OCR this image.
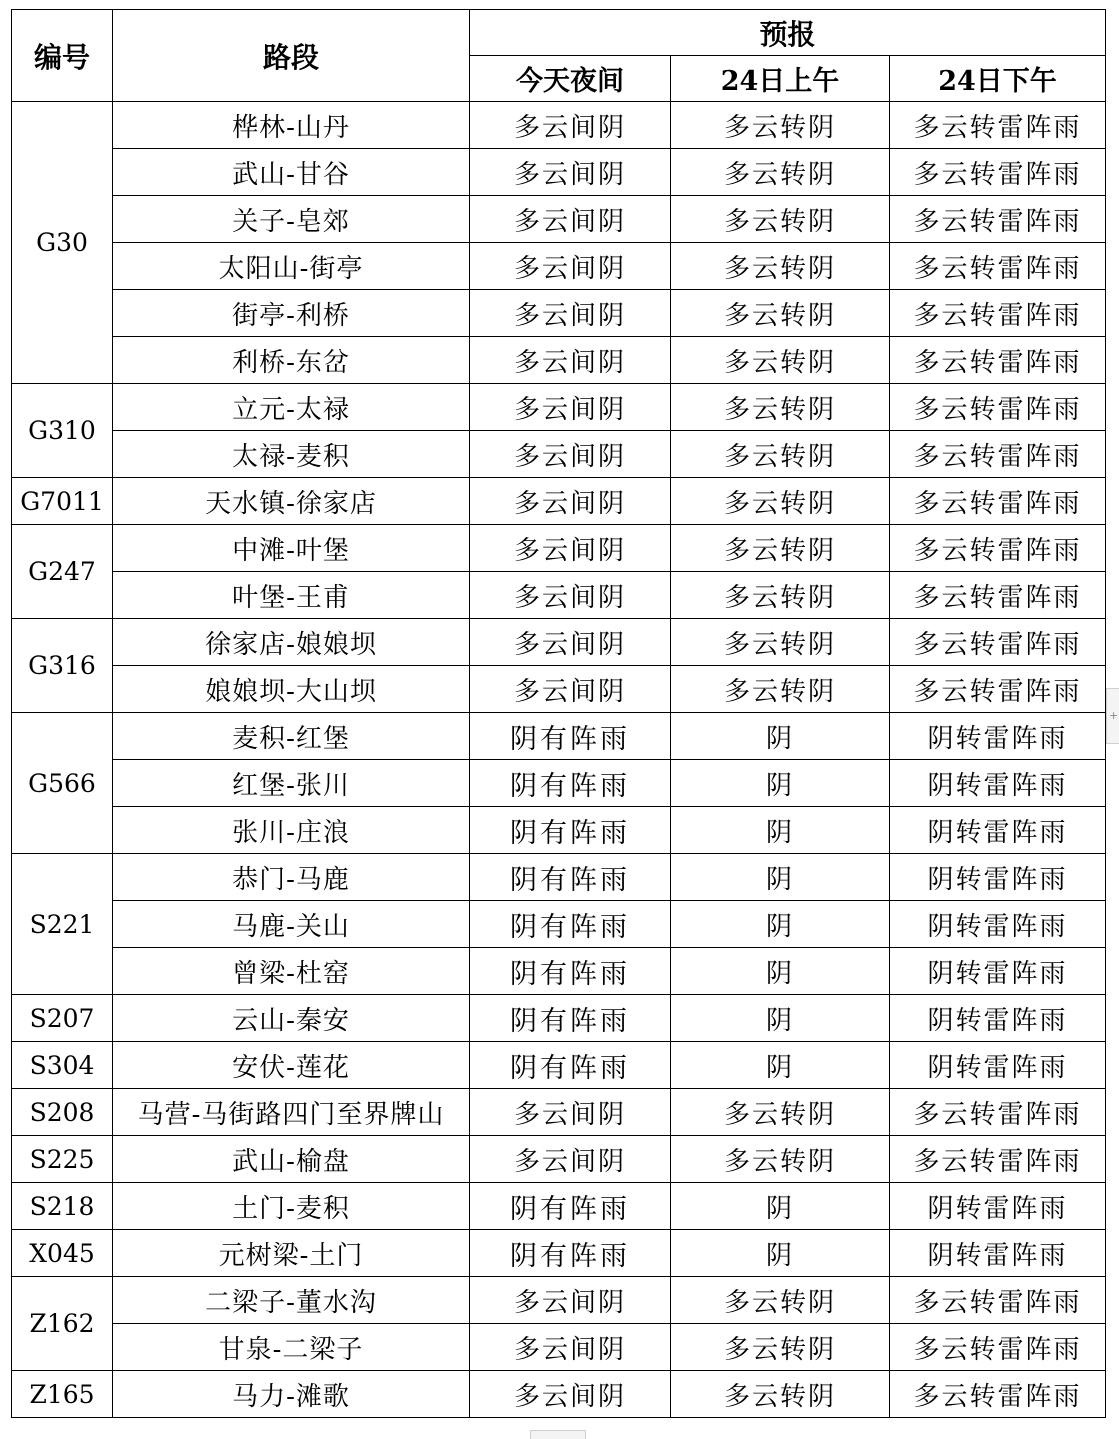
编号	路段	预报		
		今天夜间	24日上午	24日下午
G30	桦林-山丹	多云间阴	多云转阴	多云转雷阵雨
	武山-甘谷	多云间阴	多云转阴	多云转雷阵雨
	关子-皂郊	多云间阴	多云转阴	多云转雷阵雨
	太阳山-街亭	多云间阴	多云转阴	多云转雷阵雨
	街亭-利桥	多云间阴	多云转阴	多云转雷阵雨
	利桥-东岔	多云间阴	多云转阴	多云转雷阵雨
G310	立元-太禄	多云间阴	多云转阴	多云转雷阵雨
	太禄-麦积	多云间阴	多云转阴	多云转雷阵雨
G7011	天水镇-徐家店	多云间阴	多云转阴	多云转雷阵雨
G247	中滩-叶堡	多云间阴	多云转阴	多云转雷阵雨
	叶堡-王甫	多云间阴	多云转阴	多云转雷阵雨
G316	徐家店-娘娘坝	多云间阴	多云转阴	多云转雷阵雨
	娘娘坝-大山坝	多云间阴	多云转阴	多云转雷阵雨
G566	麦积-红堡	阴有阵雨	阴	阴转雷阵雨
	红堡-张川	阴有阵雨	阴	阴转雷阵雨
	张川-庄浪	阴有阵雨	阴	阴转雷阵雨
S221	恭门-马鹿	阴有阵雨	阴	阴转雷阵雨
	马鹿-关山	阴有阵雨	阴	阴转雷阵雨
	曾梁-杜窑	阴有阵雨	阴	阴转雷阵雨
S207	云山-秦安	阴有阵雨	阴	阴转雷阵雨
S304	安伏-莲花	阴有阵雨	阴	阴转雷阵雨
S208	马营-马街路四门至界牌山	多云间阴	多云转阴	多云转雷阵雨
S225	武山-榆盘	多云间阴	多云转阴	多云转雷阵雨
S218	土门-麦积	阴有阵雨	阴	阴转雷阵雨
X045	元树梁-土门	阴有阵雨	阴	阴转雷阵雨
Z162	二梁子-董水沟	多云间阴	多云转阴	多云转雷阵雨
	甘泉-二梁子	多云间阴	多云转阴	多云转雷阵雨
Z165	马力-滩歌	多云间阴	多云转阴	多云转雷阵雨
+
